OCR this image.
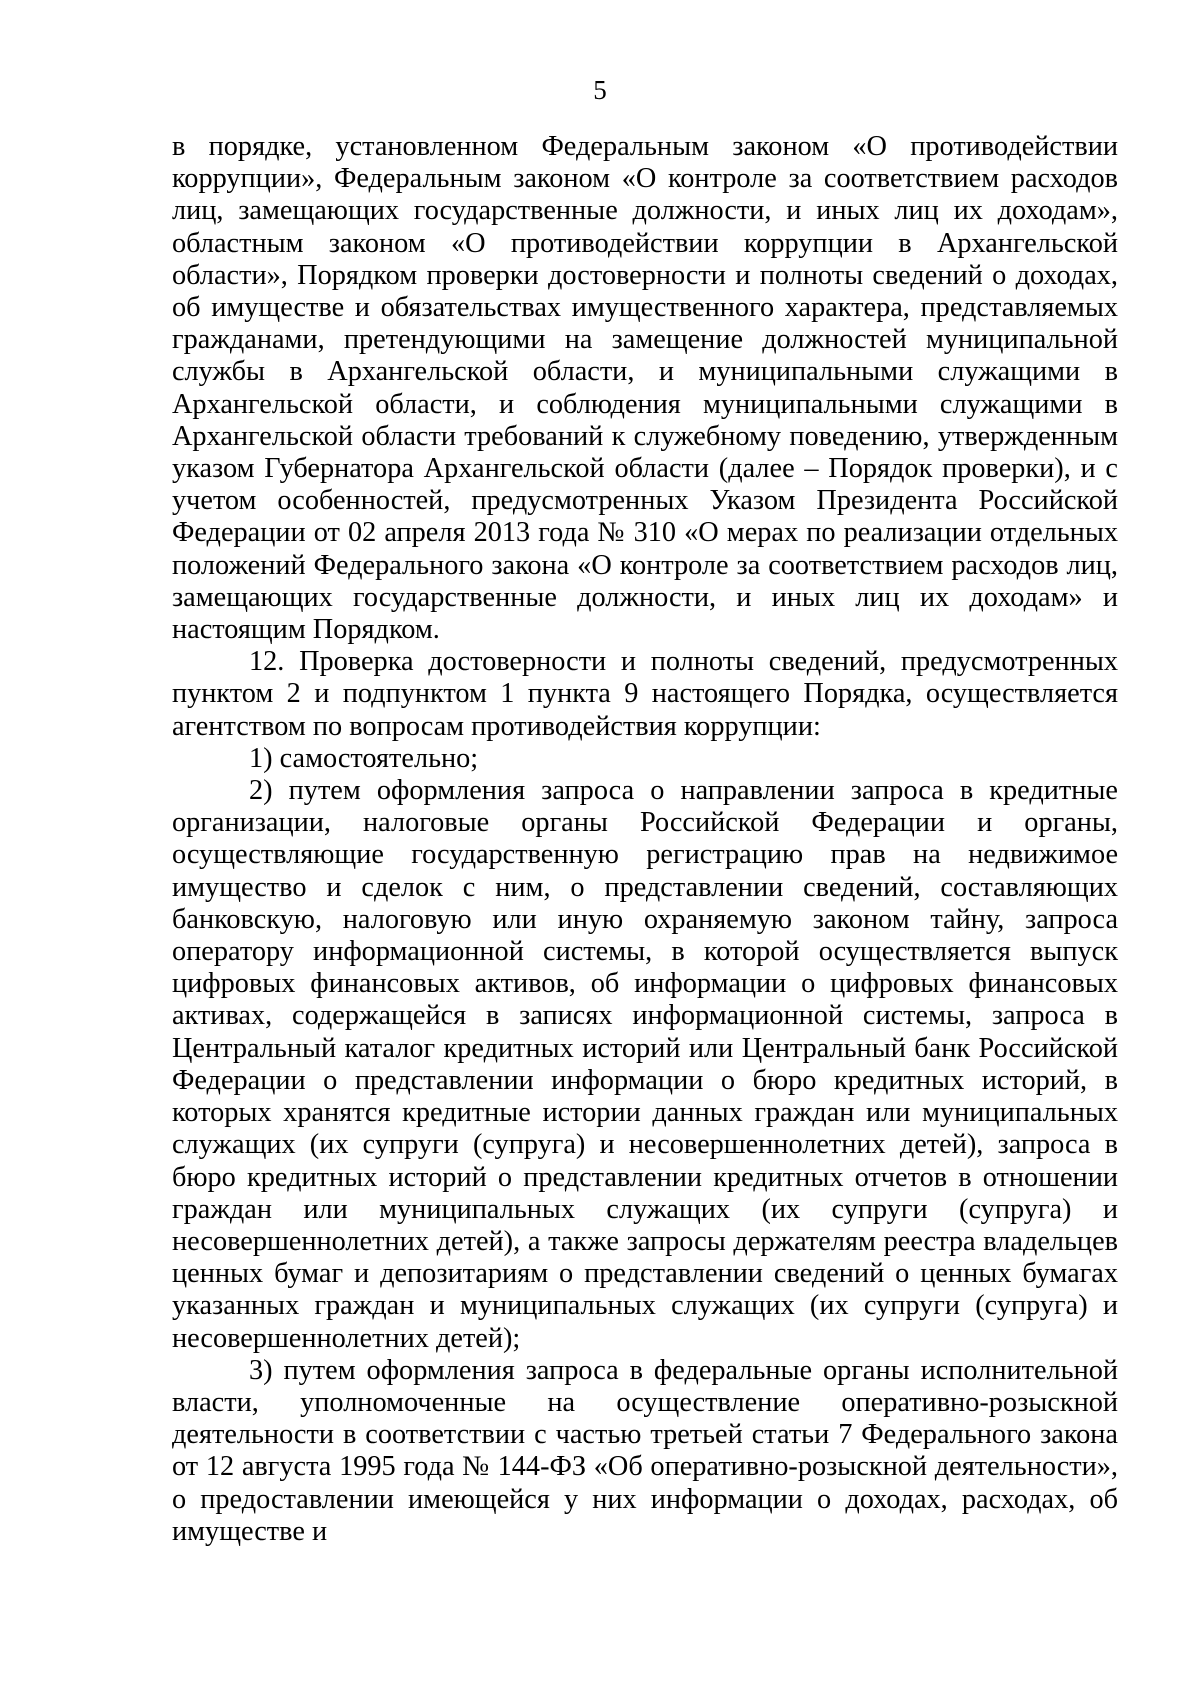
5

в порядке, установленном Федеральным законом «О противодействии коррупции», Федеральным законом «О контроле за соответствием расходов лиц, замещающих государственные должности, и иных лиц их доходам», областным законом «О противодействии коррупции в Архангельской области», Порядком проверки достоверности и полноты сведений о доходах, об имуществе и обязательствах имущественного характера, представляемых гражданами, претендующими на замещение должностей муниципальной службы в Архангельской области, и муниципальными служащими в Архангельской области, и соблюдения муниципальными служащими в Архангельской области требований к служебному поведению, утвержденным указом Губернатора Архангельской области (далее – Порядок проверки), и с учетом особенностей, предусмотренных Указом Президента Российской Федерации от 02 апреля 2013 года № 310 «О мерах по реализации отдельных положений Федерального закона «О контроле за соответствием расходов лиц, замещающих государственные должности, и иных лиц их доходам» и настоящим Порядком.

12. Проверка достоверности и полноты сведений, предусмотренных пунктом 2 и подпунктом 1 пункта 9 настоящего Порядка, осуществляется агентством по вопросам противодействия коррупции:

1) самостоятельно;

2) путем оформления запроса о направлении запроса в кредитные организации, налоговые органы Российской Федерации и органы, осуществляющие государственную регистрацию прав на недвижимое имущество и сделок с ним, о представлении сведений, составляющих банковскую, налоговую или иную охраняемую законом тайну, запроса оператору информационной системы, в которой осуществляется выпуск цифровых финансовых активов, об информации о цифровых финансовых активах, содержащейся в записях информационной системы, запроса в Центральный каталог кредитных историй или Центральный банк Российской Федерации о представлении информации о бюро кредитных историй, в которых хранятся кредитные истории данных граждан или муниципальных служащих (их супруги (супруга) и несовершеннолетних детей), запроса в бюро кредитных историй о представлении кредитных отчетов в отношении граждан или муниципальных служащих (их супруги (супруга) и несовершеннолетних детей), а также запросы держателям реестра владельцев ценных бумаг и депозитариям о представлении сведений о ценных бумагах указанных граждан и муниципальных служащих (их супруги (супруга) и несовершеннолетних детей);

3) путем оформления запроса в федеральные органы исполнительной власти, уполномоченные на осуществление оперативно-розыскной деятельности в соответствии с частью третьей статьи 7 Федерального закона от 12 августа 1995 года № 144-ФЗ «Об оперативно-розыскной деятельности», о предоставлении имеющейся у них информации о доходах, расходах, об имуществе и
